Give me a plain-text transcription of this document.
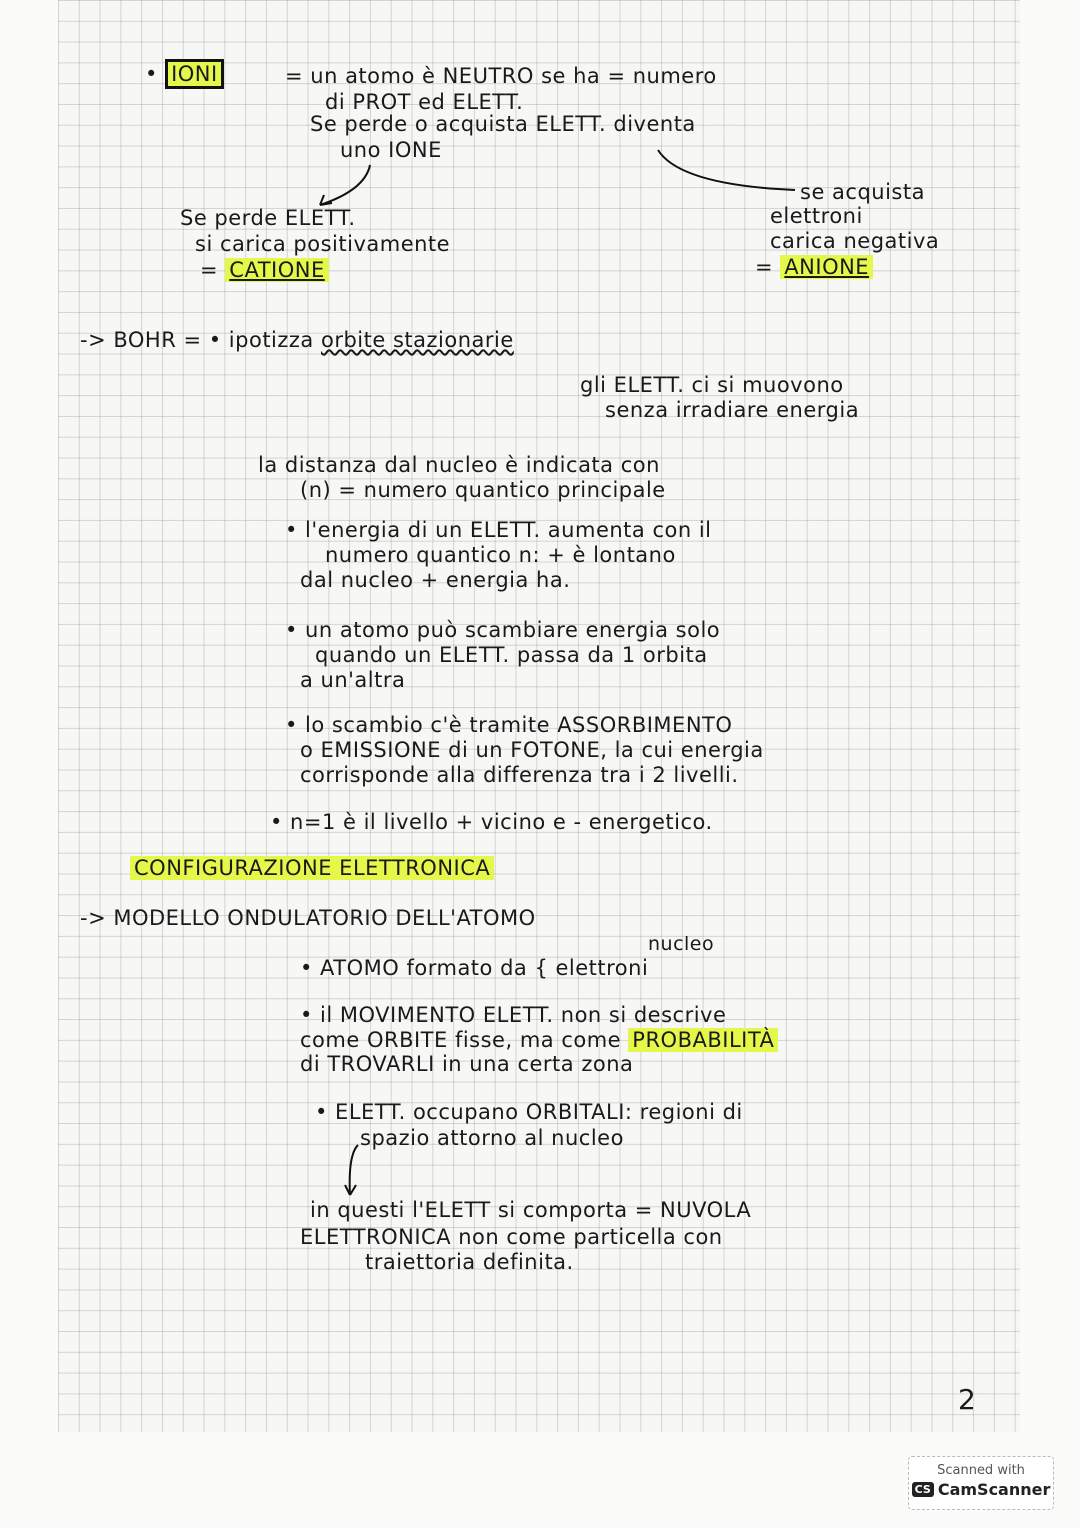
• IONI	= un atomo è NEUTRO se ha = numero
di PROT ed ELETT.
Se perde o acquista ELETT. diventa
uno IONE
Se perde ELETT.
si carica positivamente
= CATIONE
se acquista
elettroni
carica negativa
= ANIONE
-> BOHR = • ipotizza orbite stazionarie
gli ELETT. ci si muovono
senza irradiare energia
la distanza dal nucleo è indicata con
(n) = numero quantico principale
• l'energia di un ELETT. aumenta con il
numero quantico n: + è lontano
dal nucleo + energia ha.
• un atomo può scambiare energia solo
quando un ELETT. passa da 1 orbita
a un'altra
• lo scambio c'è tramite ASSORBIMENTO
o EMISSIONE di un FOTONE, la cui energia
corrisponde alla differenza tra i 2 livelli.
• n=1 è il livello + vicino e - energetico.
CONFIGURAZIONE ELETTRONICA
-> MODELLO ONDULATORIO DELL'ATOMO
nucleo
• ATOMO formato da { elettroni
• il MOVIMENTO ELETT. non si descrive
come ORBITE fisse, ma come PROBABILITÀ
di TROVARLI in una certa zona
• ELETT. occupano ORBITALI: regioni di
spazio attorno al nucleo
in questi l'ELETT si comporta = NUVOLA
ELETTRONICA non come particella con
traiettoria definita.
2
Scanned with
CS CamScanner
